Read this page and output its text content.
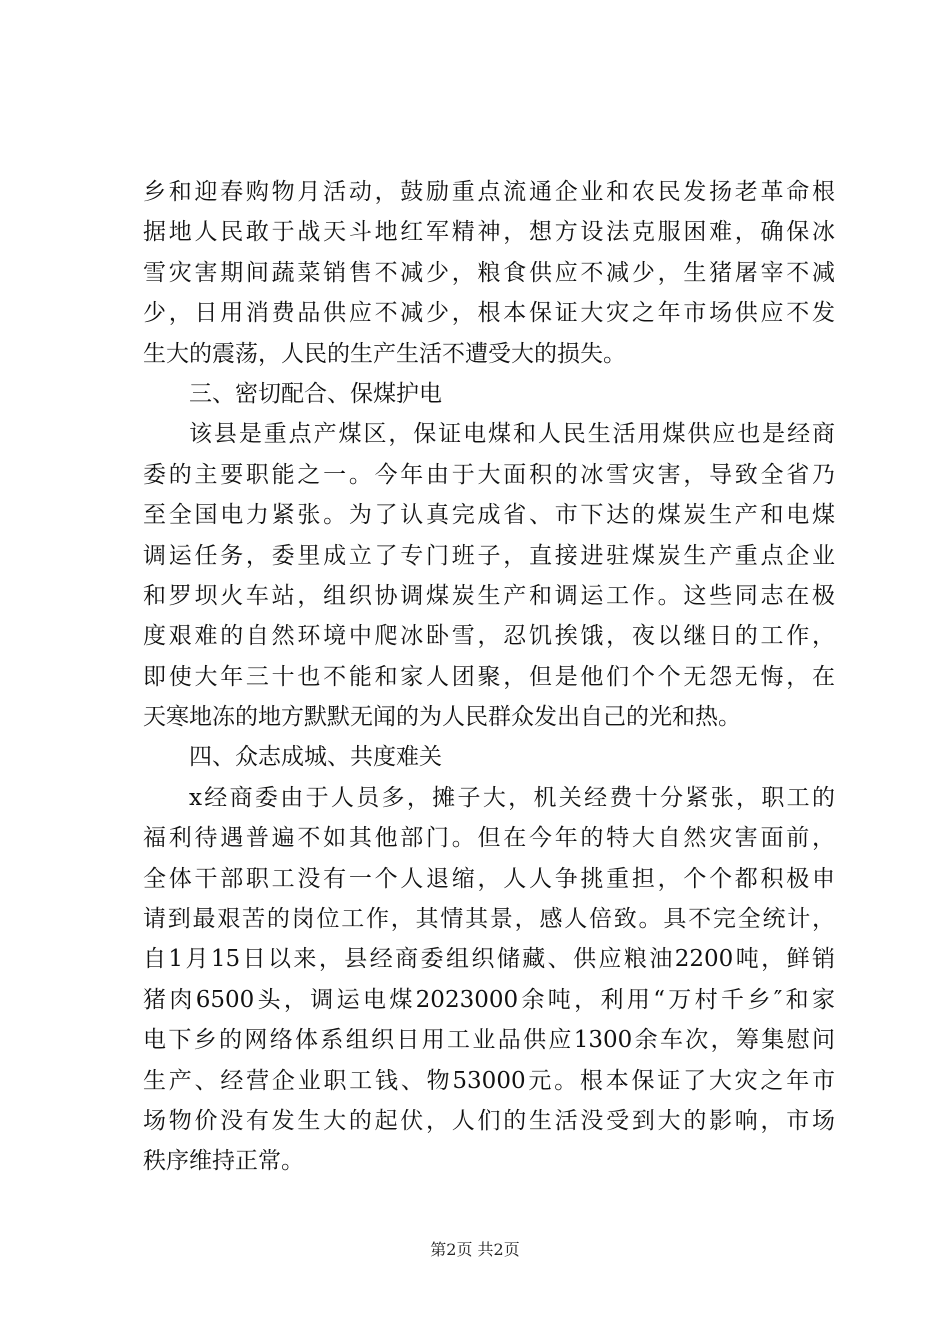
乡和迎春购物月活动，鼓励重点流通企业和农民发扬老革命根
据地人民敢于战天斗地红军精神，想方设法克服困难，确保冰
雪灾害期间蔬菜销售不减少，粮食供应不减少，生猪屠宰不减
少，日用消费品供应不减少，根本保证大灾之年市场供应不发
生大的震荡，人民的生产生活不遭受大的损失。
三、密切配合、保煤护电
该县是重点产煤区，保证电煤和人民生活用煤供应也是经商
委的主要职能之一。今年由于大面积的冰雪灾害，导致全省乃
至全国电力紧张。为了认真完成省、市下达的煤炭生产和电煤
调运任务，委里成立了专门班子，直接进驻煤炭生产重点企业
和罗坝火车站，组织协调煤炭生产和调运工作。这些同志在极
度艰难的自然环境中爬冰卧雪，忍饥挨饿，夜以继日的工作，
即使大年三十也不能和家人团聚，但是他们个个无怨无悔，在
天寒地冻的地方默默无闻的为人民群众发出自己的光和热。
四、众志成城、共度难关
x经商委由于人员多，摊子大，机关经费十分紧张，职工的
福利待遇普遍不如其他部门。但在今年的特大自然灾害面前，
全体干部职工没有一个人退缩，人人争挑重担，个个都积极申
请到最艰苦的岗位工作，其情其景，感人倍致。具不完全统计，
自1月15日以来，县经商委组织储藏、供应粮油2200吨，鲜销
猪肉6500头，调运电煤2023000余吨，利用“万村千乡″和家
电下乡的网络体系组织日用工业品供应1300余车次，筹集慰问
生产、经营企业职工钱、物53000元。根本保证了大灾之年市
场物价没有发生大的起伏，人们的生活没受到大的影响，市场
秩序维持正常。
第2页 共2页
